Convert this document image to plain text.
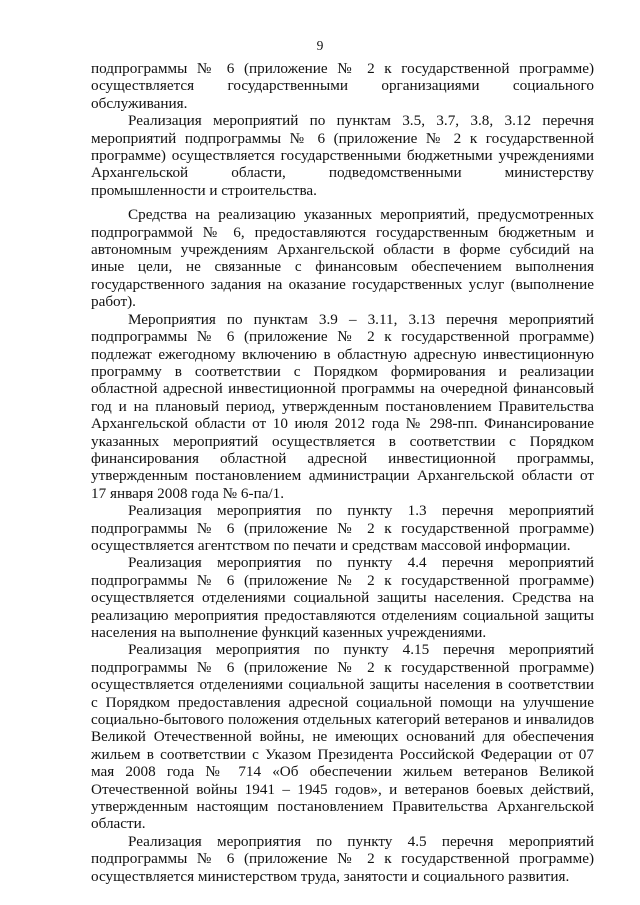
9

подпрограммы № 6 (приложение № 2 к государственной программе) осуществляется государственными организациями социального обслуживания.

Реализация мероприятий по пунктам 3.5, 3.7, 3.8, 3.12 перечня мероприятий подпрограммы № 6 (приложение № 2 к государственной программе) осуществляется государственными бюджетными учреждениями Архангельской области, подведомственными министерству промышленности и строительства.

Средства на реализацию указанных мероприятий, предусмотренных подпрограммой № 6, предоставляются государственным бюджетным и автономным учреждениям Архангельской области в форме субсидий на иные цели, не связанные с финансовым обеспечением выполнения государственного задания на оказание государственных услуг (выполнение работ).

Мероприятия по пунктам 3.9 – 3.11, 3.13 перечня мероприятий подпрограммы № 6 (приложение № 2 к государственной программе) подлежат ежегодному включению в областную адресную инвестиционную программу в соответствии с Порядком формирования и реализации областной адресной инвестиционной программы на очередной финансовый год и на плановый период, утвержденным постановлением Правительства Архангельской области от 10 июля 2012 года № 298-пп. Финансирование указанных мероприятий осуществляется в соответствии с Порядком финансирования областной адресной инвестиционной программы, утвержденным постановлением администрации Архангельской области от 17 января 2008 года № 6-па/1.

Реализация мероприятия по пункту 1.3 перечня мероприятий подпрограммы № 6 (приложение № 2 к государственной программе) осуществляется агентством по печати и средствам массовой информации.

Реализация мероприятия по пункту 4.4 перечня мероприятий подпрограммы № 6 (приложение № 2 к государственной программе) осуществляется отделениями социальной защиты населения. Средства на реализацию мероприятия предоставляются отделениям социальной защиты населения на выполнение функций казенных учреждениями.

Реализация мероприятия по пункту 4.15 перечня мероприятий подпрограммы № 6 (приложение № 2 к государственной программе) осуществляется отделениями социальной защиты населения в соответствии с Порядком предоставления адресной социальной помощи на улучшение социально-бытового положения отдельных категорий ветеранов и инвалидов Великой Отечественной войны, не имеющих оснований для обеспечения жильем в соответствии с Указом Президента Российской Федерации от 07 мая 2008 года № 714 «Об обеспечении жильем ветеранов Великой Отечественной войны 1941 – 1945 годов», и ветеранов боевых действий, утвержденным настоящим постановлением Правительства Архангельской области.

Реализация мероприятия по пункту 4.5 перечня мероприятий подпрограммы № 6 (приложение № 2 к государственной программе) осуществляется министерством труда, занятости и социального развития.
